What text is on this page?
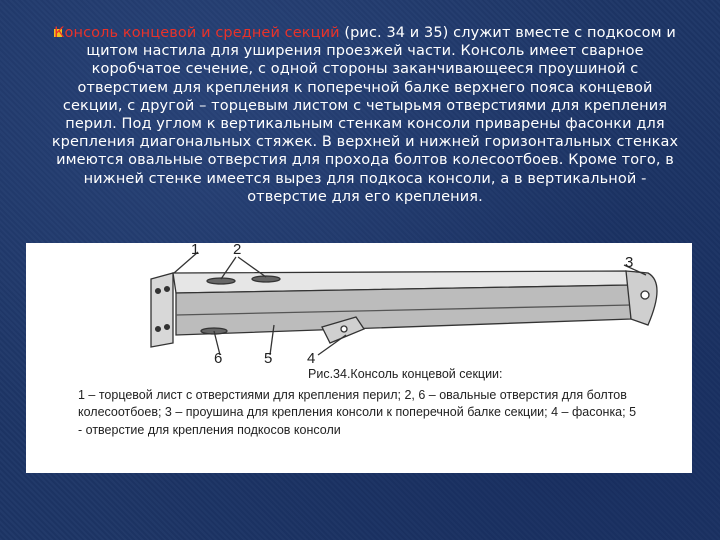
Консоль концевой и средней секций (рис. 34 и 35) служит вместе с подкосом и щитом настила для уширения проезжей части. Консоль имеет сварное коробчатое сечение, с одной стороны заканчивающееся проушиной с отверстием для крепления к поперечной балке верхнего пояса концевой секции, с другой – торцевым листом с четырьмя отверстиями для крепления перил. Под углом к вертикальным стенкам консоли приварены фасонки для крепления диагональных стяжек. В верхней и нижней горизонтальных стенках имеются овальные отверстия для прохода болтов колесоотбоев. Кроме того, в нижней стенке имеется вырез для подкоса консоли, а в вертикальной - отверстие для его крепления.
1 2
3
4
5
6
Рис.34.Консоль концевой секции:
1 – торцевой лист с отверстиями для крепления перил; 2, 6 – овальные отверстия для болтов колесоотбоев; 3 – проушина для крепления консоли к поперечной балке секции; 4 – фасонка; 5 - отверстие для крепления подкосов консоли
